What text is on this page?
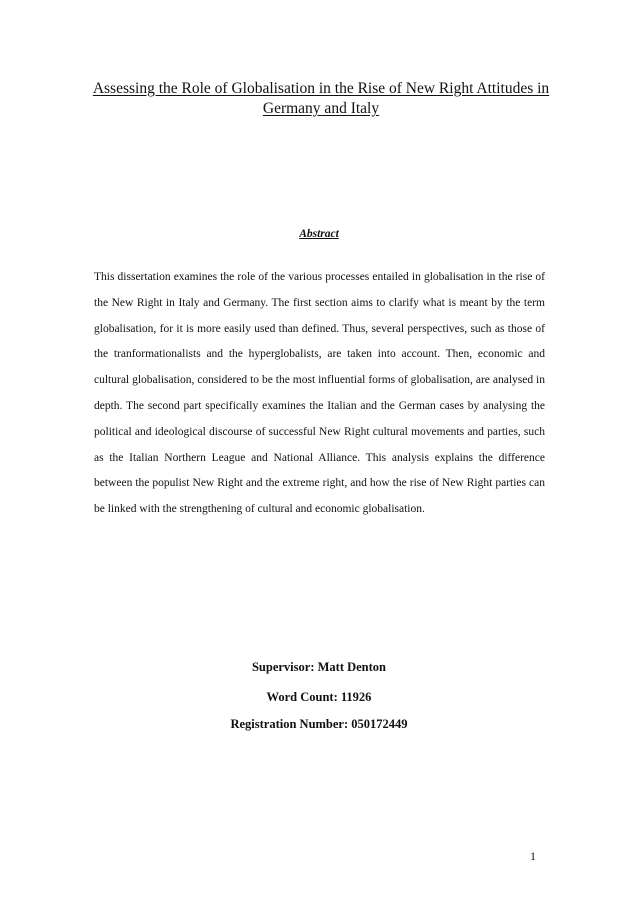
Assessing the Role of Globalisation in the Rise of New Right Attitudes in Germany and Italy
Abstract
This dissertation examines the role of the various processes entailed in globalisation in the rise of the New Right in Italy and Germany. The first section aims to clarify what is meant by the term globalisation, for it is more easily used than defined. Thus, several perspectives, such as those of the tranformationalists and the hyperglobalists, are taken into account. Then, economic and cultural globalisation, considered to be the most influential forms of globalisation, are analysed in depth. The second part specifically examines the Italian and the German cases by analysing the political and ideological discourse of successful New Right cultural movements and parties, such as the Italian Northern League and National Alliance. This analysis explains the difference between the populist New Right and the extreme right, and how the rise of New Right parties can be linked with the strengthening of cultural and economic globalisation.
Supervisor: Matt Denton
Word Count: 11926
Registration Number: 050172449
1
